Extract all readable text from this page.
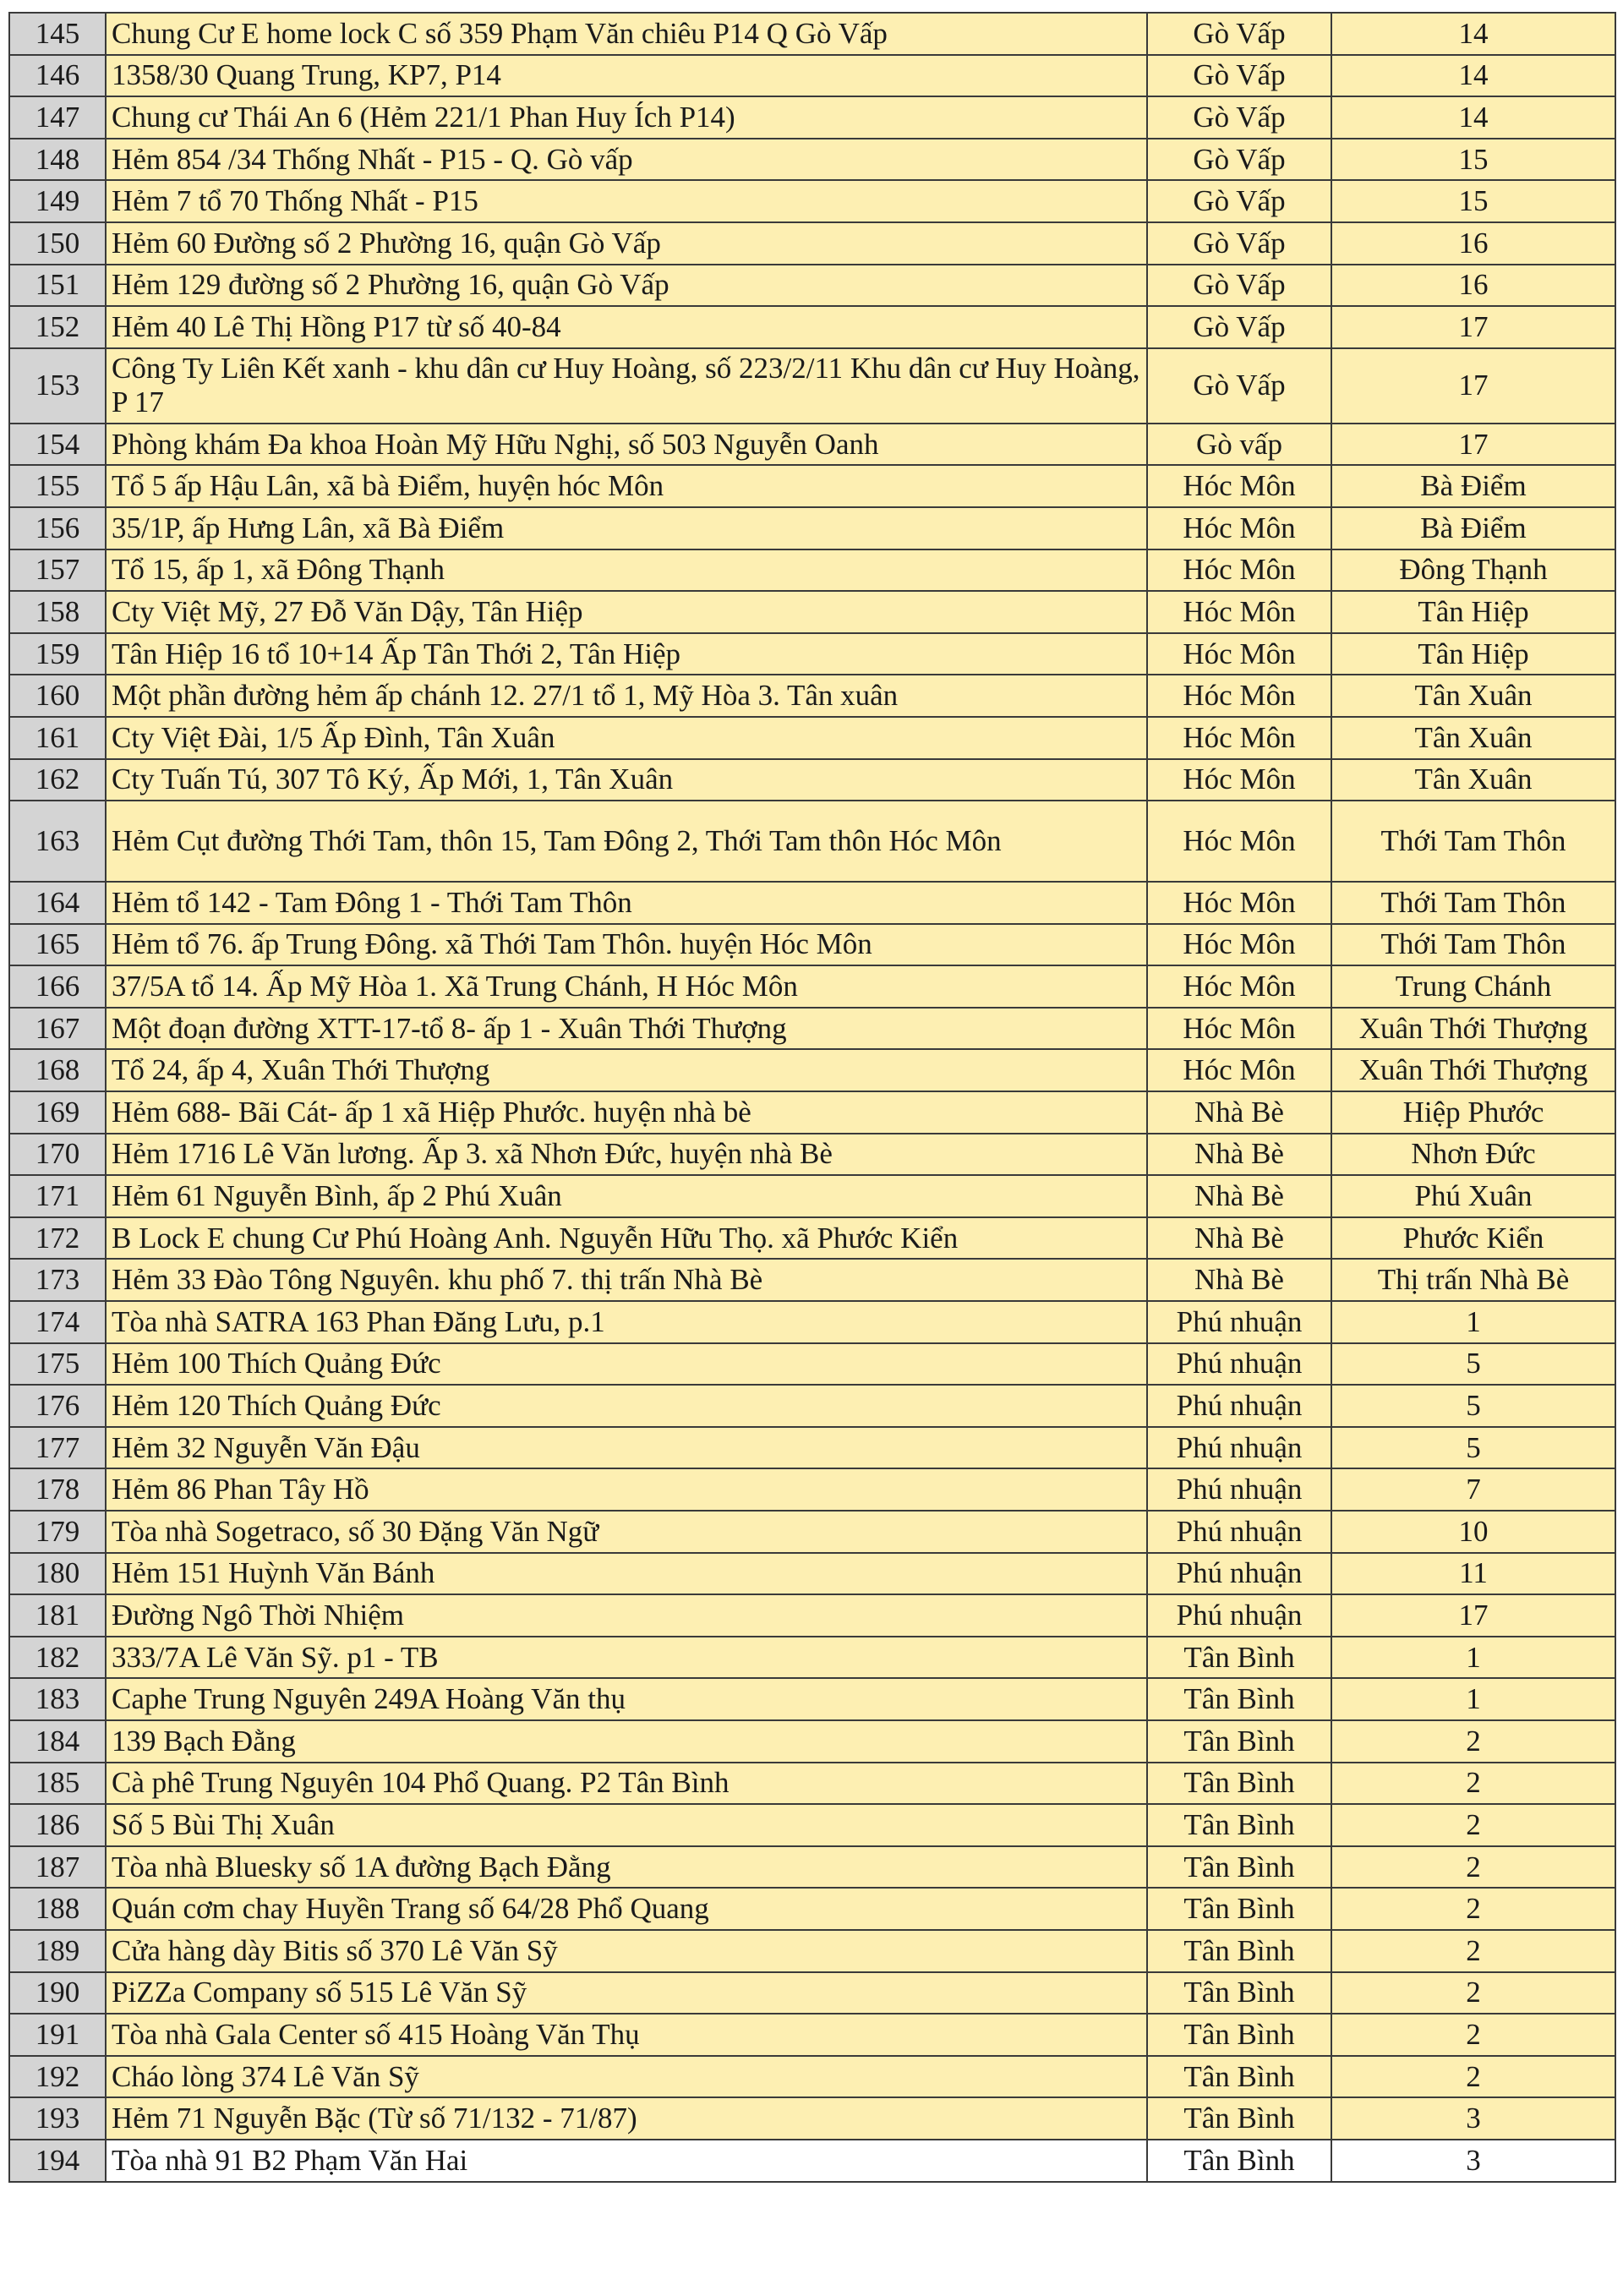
145	Chung Cư E home lock C số 359 Phạm Văn chiêu P14 Q Gò Vấp	Gò Vấp	14
146	1358/30 Quang Trung, KP7, P14	Gò Vấp	14
147	Chung cư Thái An 6 (Hẻm 221/1 Phan Huy Ích P14)	Gò Vấp	14
148	Hẻm 854 /34 Thống Nhất - P15 - Q. Gò vấp	Gò Vấp	15
149	Hẻm 7 tổ 70 Thống Nhất - P15	Gò Vấp	15
150	Hẻm 60 Đường số 2 Phường 16, quận Gò Vấp	Gò Vấp	16
151	Hẻm 129 đường số 2 Phường 16, quận Gò Vấp	Gò Vấp	16
152	Hẻm 40 Lê Thị Hồng P17 từ số 40-84	Gò Vấp	17
153	Công Ty Liên Kết xanh - khu dân cư Huy Hoàng, số 223/2/11 Khu dân cư Huy Hoàng, P 17	Gò Vấp	17
154	Phòng khám Đa khoa Hoàn Mỹ Hữu Nghị, số 503 Nguyễn Oanh	Gò vấp	17
155	Tổ 5 ấp Hậu Lân, xã bà Điểm, huyện hóc Môn	Hóc Môn	Bà Điểm
156	35/1P, ấp Hưng Lân, xã Bà Điểm	Hóc Môn	Bà Điểm
157	Tổ 15, ấp 1, xã Đông Thạnh	Hóc Môn	Đông Thạnh
158	Cty Việt Mỹ, 27 Đỗ Văn Dậy, Tân Hiệp	Hóc Môn	Tân Hiệp
159	Tân Hiệp 16 tổ 10+14 Ấp Tân Thới 2, Tân Hiệp	Hóc Môn	Tân Hiệp
160	Một phần đường hẻm ấp chánh 12. 27/1 tổ 1, Mỹ Hòa 3. Tân xuân	Hóc Môn	Tân Xuân
161	Cty Việt Đài, 1/5 Ấp Đình, Tân Xuân	Hóc Môn	Tân Xuân
162	Cty Tuấn Tú, 307 Tô Ký, Ấp Mới, 1, Tân Xuân	Hóc Môn	Tân Xuân
163	Hẻm Cụt đường Thới Tam, thôn 15, Tam Đông 2, Thới Tam thôn Hóc Môn	Hóc Môn	Thới Tam Thôn
164	Hẻm tổ 142 - Tam Đông 1 - Thới Tam Thôn	Hóc Môn	Thới Tam Thôn
165	Hẻm tổ 76. ấp Trung Đông. xã Thới Tam Thôn. huyện Hóc Môn	Hóc Môn	Thới Tam Thôn
166	37/5A tổ 14. Ấp Mỹ Hòa 1. Xã Trung Chánh, H Hóc Môn	Hóc Môn	Trung Chánh
167	Một đoạn đường XTT-17-tổ 8- ấp 1 - Xuân Thới Thượng	Hóc Môn	Xuân Thới Thượng
168	Tổ 24, ấp 4, Xuân Thới Thượng	Hóc Môn	Xuân Thới Thượng
169	Hẻm 688- Bãi Cát- ấp 1 xã Hiệp Phước. huyện nhà bè	Nhà Bè	Hiệp Phước
170	Hẻm 1716 Lê Văn lương. Ấp 3. xã Nhơn Đức, huyện nhà Bè	Nhà Bè	Nhơn Đức
171	Hẻm 61 Nguyễn Bình, ấp 2 Phú Xuân	Nhà Bè	Phú Xuân
172	B Lock E chung Cư Phú Hoàng Anh. Nguyễn Hữu Thọ. xã Phước Kiển	Nhà Bè	Phước Kiển
173	Hẻm 33 Đào Tông Nguyên. khu phố 7. thị trấn Nhà Bè	Nhà Bè	Thị trấn Nhà Bè
174	Tòa nhà SATRA 163 Phan Đăng Lưu, p.1	Phú nhuận	1
175	Hẻm 100 Thích Quảng Đức	Phú nhuận	5
176	Hẻm 120 Thích Quảng Đức	Phú nhuận	5
177	Hẻm 32 Nguyễn Văn Đậu	Phú nhuận	5
178	Hẻm 86 Phan Tây Hồ	Phú nhuận	7
179	Tòa nhà Sogetraco, số 30 Đặng Văn Ngữ	Phú nhuận	10
180	Hẻm 151 Huỳnh Văn Bánh	Phú nhuận	11
181	Đường Ngô Thời Nhiệm	Phú nhuận	17
182	333/7A Lê Văn Sỹ. p1 - TB	Tân Bình	1
183	Caphe Trung Nguyên 249A Hoàng Văn thụ	Tân Bình	1
184	139 Bạch Đằng	Tân Bình	2
185	Cà phê Trung Nguyên 104 Phổ Quang. P2 Tân Bình	Tân Bình	2
186	Số 5 Bùi Thị Xuân	Tân Bình	2
187	Tòa nhà Bluesky số 1A đường Bạch Đằng	Tân Bình	2
188	Quán cơm chay Huyền Trang số 64/28 Phổ Quang	Tân Bình	2
189	Cửa hàng dày Bitis số 370 Lê Văn Sỹ	Tân Bình	2
190	PiZZa Company số 515 Lê Văn Sỹ	Tân Bình	2
191	Tòa nhà Gala Center số 415 Hoàng Văn Thụ	Tân Bình	2
192	Cháo lòng 374 Lê Văn Sỹ	Tân Bình	2
193	Hẻm 71 Nguyễn Bặc (Từ số 71/132 - 71/87)	Tân Bình	3
194	Tòa nhà 91 B2 Phạm Văn Hai	Tân Bình	3
